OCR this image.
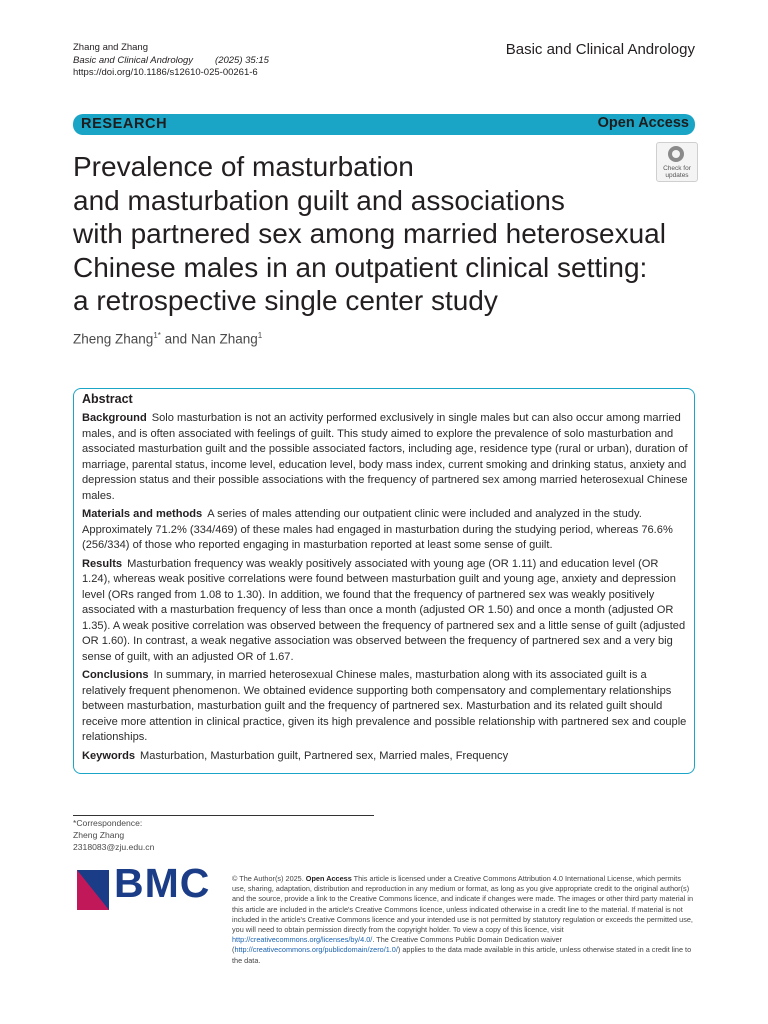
Zhang and Zhang
Basic and Clinical Andrology (2025) 35:15
https://doi.org/10.1186/s12610-025-00261-6
Basic and Clinical Andrology
RESEARCH	Open Access
Prevalence of masturbation
and masturbation guilt and associations
with partnered sex among married heterosexual
Chinese males in an outpatient clinical setting:
a retrospective single center study
Check for
updates
Zheng Zhang$^{1*}$ and Nan Zhang$^1$
Abstract

Background Solo masturbation is not an activity performed exclusively in single males but can also occur among married males, and is often associated with feelings of guilt. This study aimed to explore the prevalence of solo masturbation and associated masturbation guilt and the possible associated factors, including age, residence type (rural or urban), duration of marriage, parental status, income level, education level, body mass index, current smoking and drinking status, anxiety and depression status and their possible associations with the frequency of partnered sex among married heterosexual Chinese males.

Materials and methods A series of males attending our outpatient clinic were included and analyzed in the study. Approximately 71.2% (334/469) of these males had engaged in masturbation during the studying period, whereas 76.6% (256/334) of those who reported engaging in masturbation reported at least some sense of guilt.

Results Masturbation frequency was weakly positively associated with young age (OR 1.11) and education level (OR 1.24), whereas weak positive correlations were found between masturbation guilt and young age, anxiety and depression level (ORs ranged from 1.08 to 1.30). In addition, we found that the frequency of partnered sex was weakly positively associated with a masturbation frequency of less than once a month (adjusted OR 1.50) and once a month (adjusted OR 1.35). A weak positive correlation was observed between the frequency of partnered sex and a little sense of guilt (adjusted OR 1.60). In contrast, a weak negative association was observed between the frequency of partnered sex and a very big sense of guilt, with an adjusted OR of 1.67.

Conclusions In summary, in married heterosexual Chinese males, masturbation along with its associated guilt is a relatively frequent phenomenon. We obtained evidence supporting both compensatory and complementary relationships between masturbation, masturbation guilt and the frequency of partnered sex. Masturbation and its related guilt should receive more attention in clinical practice, given its high prevalence and possible relationship with partnered sex and couple relationships.

Keywords Masturbation, Masturbation guilt, Partnered sex, Married males, Frequency

*Correspondence:
Zheng Zhang
2318083@zju.edu.cn
BMC	© The Author(s) 2025. Open Access This article is licensed under a Creative Commons Attribution 4.0 International License, which permits use, sharing, adaptation, distribution and reproduction in any medium or format, as long as you give appropriate credit to the original author(s) and the source, provide a link to the Creative Commons licence, and indicate if changes were made. The images or other third party material in this article are included in the article's Creative Commons licence, unless indicated otherwise in a credit line to the material. If material is not included in the article's Creative Commons licence and your intended use is not permitted by statutory regulation or exceeds the permitted use, you will need to obtain permission directly from the copyright holder. To view a copy of this licence, visit http://creativecommons.org/licenses/by/4.0/. The Creative Commons Public Domain Dedication waiver (http://creativecommons.org/publicdomain/zero/1.0/) applies to the data made available in this article, unless otherwise stated in a credit line to the data.
